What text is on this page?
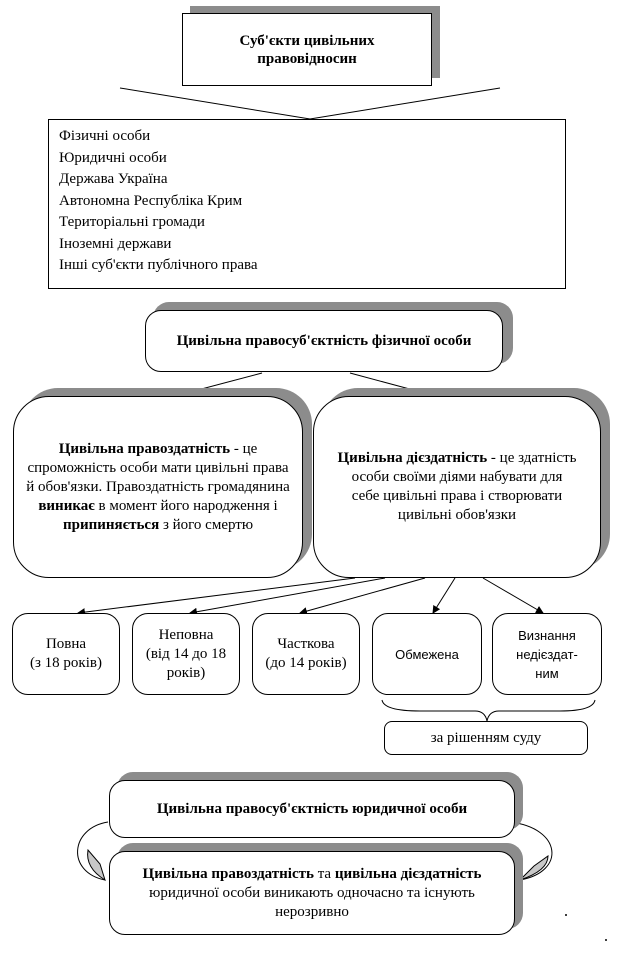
Суб'єкти цивільних правовідносин
Фізичні особи
Юридичні особи
Держава Україна
Автономна Республіка Крим
Територіальні громади
Іноземні держави
Інші суб'єкти публічного права
Цивільна правосуб'єктність фізичної особи
Цивільна правоздатність - це спроможність особи мати цивільні права й обов'язки. Правоздатність громадянина виникає в момент його народження і припиняється з його смертю
Цивільна дієздатність - це здатність особи своїми діями набувати для себе цивільні права і створювати цивільні обов'язки
Повна
(з 18 років)
Неповна
(від 14 до 18 років)
Часткова
(до 14 років)
Обмежена
Визнання недієздат-ним
за рішенням суду
Цивільна правосуб'єктність юридичної особи
Цивільна правоздатність та цивільна дієздатність юридичної особи виникають одночасно та існують нерозривно
